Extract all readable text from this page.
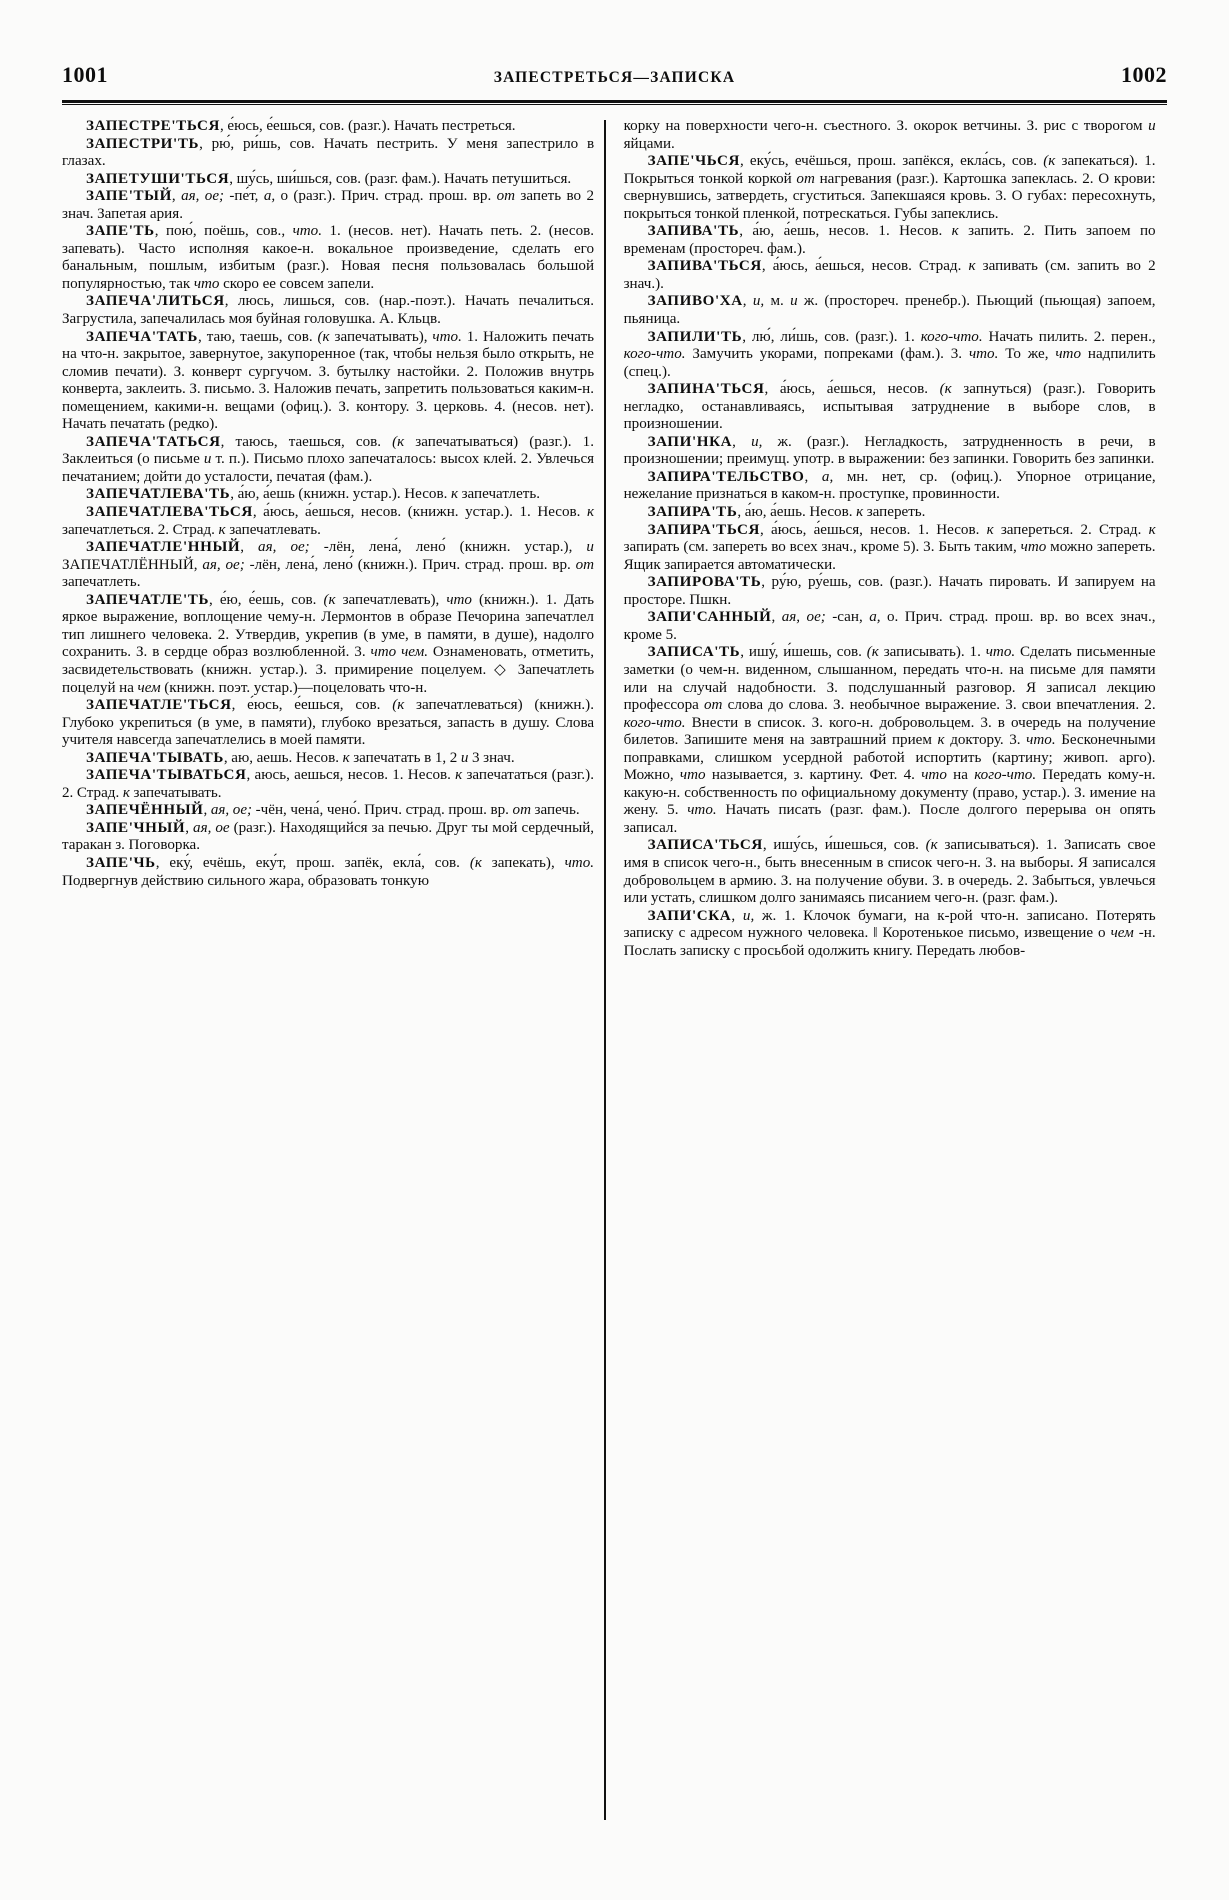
1001	ЗАПЕСТРЕТЬСЯ—ЗАПИСКА	1002

ЗАПЕСТРЕ'ТЬСЯ, е́юсь, е́ешься, сов. (разг.). Начать пестреться.

ЗАПЕСТРИ'ТЬ, рю́, ри́шь, сов. Начать пестрить. У меня запестрило в глазах.

ЗАПЕТУШИ'ТЬСЯ, шу́сь, ши́шься, сов. (разг. фам.). Начать петушиться.

ЗАПЕ'ТЫЙ, ая, ое; -пе́т, а, о (разг.). Прич. страд. прош. вр. от запеть во 2 знач. Запетая ария.

ЗАПЕ'ТЬ, пою́, поёшь, сов., что. 1. (несов. нет). Начать петь. 2. (несов. запевать). Часто исполняя какое-н. вокальное произведение, сделать его банальным, пошлым, избитым (разг.). Новая песня пользовалась большой популярностью, так что скоро ее совсем запели.

ЗАПЕЧА'ЛИТЬСЯ, люсь, лишься, сов. (нар.-поэт.). Начать печалиться. Загрустила, запечалилась моя буйная головушка. А. Кльцв.

ЗАПЕЧА'ТАТЬ, таю, таешь, сов. (к запечатывать), что. 1. Наложить печать на что-н. закрытое, завернутое, закупоренное (так, чтобы нельзя было открыть, не сломив печати). З. конверт сургучом. З. бутылку настойки. 2. Положив внутрь конверта, заклеить. З. письмо. 3. Наложив печать, запретить пользоваться каким-н. помещением, какими-н. вещами (офиц.). З. контору. З. церковь. 4. (несов. нет). Начать печатать (редко).

ЗАПЕЧА'ТАТЬСЯ, таюсь, таешься, сов. (к запечатываться) (разг.). 1. Заклеиться (о письме и т. п.). Письмо плохо запечаталось: высох клей. 2. Увлечься печатанием; дойти до усталости, печатая (фам.).

ЗАПЕЧАТЛЕВА'ТЬ, а́ю, а́ешь (книжн. устар.). Несов. к запечатлеть.

ЗАПЕЧАТЛЕВА'ТЬСЯ, а́юсь, а́ешься, несов. (книжн. устар.). 1. Несов. к запечатлеться. 2. Страд. к запечатлевать.

ЗАПЕЧАТЛЕ'ННЫЙ, ая, ое; -лён, лена́, лено́ (книжн. устар.), и ЗАПЕЧАТЛЁННЫЙ, ая, ое; -лён, лена́, лено́ (книжн.). Прич. страд. прош. вр. от запечатлеть.

ЗАПЕЧАТЛЕ'ТЬ, е́ю, е́ешь, сов. (к запечатлевать), что (книжн.). 1. Дать яркое выражение, воплощение чему-н. Лермонтов в образе Печорина запечатлел тип лишнего человека. 2. Утвердив, укрепив (в уме, в памяти, в душе), надолго сохранить. З. в сердце образ возлюбленной. 3. что чем. Ознаменовать, отметить, засвидетельствовать (книжн. устар.). З. примирение поцелуем. ◇ Запечатлеть поцелуй на чем (книжн. поэт. устар.)—поцеловать что-н.

ЗАПЕЧАТЛЕ'ТЬСЯ, е́юсь, е́ешься, сов. (к запечатлеваться) (книжн.). Глубоко укрепиться (в уме, в памяти), глубоко врезаться, запасть в душу. Слова учителя навсегда запечатлелись в моей памяти.

ЗАПЕЧА'ТЫВАТЬ, аю, аешь. Несов. к запечатать в 1, 2 и 3 знач.

ЗАПЕЧА'ТЫВАТЬСЯ, аюсь, аешься, несов. 1. Несов. к запечататься (разг.). 2. Страд. к запечатывать.

ЗАПЕЧЁННЫЙ, ая, ое; -чён, чена́, чено́. Прич. страд. прош. вр. от запечь.

ЗАПЕ'ЧНЫЙ, ая, ое (разг.). Находящийся за печью. Друг ты мой сердечный, таракан з. Поговорка.

ЗАПЕ'ЧЬ, еку́, ечёшь, еку́т, прош. запёк, екла́, сов. (к запекать), что. Подвергнув действию сильного жара, образовать тонкую

корку на поверхности чего-н. съестного. З. окорок ветчины. З. рис с творогом и яйцами.

ЗАПЕ'ЧЬСЯ, еку́сь, ечёшься, прош. запёкся, екла́сь, сов. (к запекаться). 1. Покрыться тонкой коркой от нагревания (разг.). Картошка запеклась. 2. О крови: свернувшись, затвердеть, сгуститься. Запекшаяся кровь. 3. О губах: пересохнуть, покрыться тонкой пленкой, потрескаться. Губы запеклись.

ЗАПИВА'ТЬ, а́ю, а́ешь, несов. 1. Несов. к запить. 2. Пить запоем по временам (простореч. фам.).

ЗАПИВА'ТЬСЯ, а́юсь, а́ешься, несов. Страд. к запивать (см. запить во 2 знач.).

ЗАПИВО'ХА, и, м. и ж. (простореч. пренебр.). Пьющий (пьющая) запоем, пьяница.

ЗАПИЛИ'ТЬ, лю́, ли́шь, сов. (разг.). 1. кого-что. Начать пилить. 2. перен., кого-что. Замучить укорами, попреками (фам.). 3. что. То же, что надпилить (спец.).

ЗАПИНА'ТЬСЯ, а́юсь, а́ешься, несов. (к запнуться) (разг.). Говорить негладко, останавливаясь, испытывая затруднение в выборе слов, в произношении.

ЗАПИ'НКА, и, ж. (разг.). Негладкость, затрудненность в речи, в произношении; преимущ. употр. в выражении: без запинки. Говорить без запинки.

ЗАПИРА'ТЕЛЬСТВО, а, мн. нет, ср. (офиц.). Упорное отрицание, нежелание признаться в каком-н. проступке, провинности.

ЗАПИРА'ТЬ, а́ю, а́ешь. Несов. к запереть.

ЗАПИРА'ТЬСЯ, а́юсь, а́ешься, несов. 1. Несов. к запереться. 2. Страд. к запирать (см. запереть во всех знач., кроме 5). 3. Быть таким, что можно запереть. Ящик запирается автоматически.

ЗАПИРОВА'ТЬ, ру́ю, ру́ешь, сов. (разг.). Начать пировать. И запируем на просторе. Пшкн.

ЗАПИ'САННЫЙ, ая, ое; -сан, а, о. Прич. страд. прош. вр. во всех знач., кроме 5.

ЗАПИСА'ТЬ, ишу́, и́шешь, сов. (к записывать). 1. что. Сделать письменные заметки (о чем-н. виденном, слышанном, передать что-н. на письме для памяти или на случай надобности. З. подслушанный разговор. Я записал лекцию профессора от слова до слова. З. необычное выражение. З. свои впечатления. 2. кого-что. Внести в список. З. кого-н. добровольцем. 3. в очередь на получение билетов. Запишите меня на завтрашний прием к доктору. 3. что. Бесконечными поправками, слишком усердной работой испортить (картину; живоп. арго). Можно, что называется, з. картину. Фет. 4. что на кого-что. Передать кому-н. какую-н. собственность по официальному документу (право, устар.). З. имение на жену. 5. что. Начать писать (разг. фам.). После долгого перерыва он опять записал.

ЗАПИСА'ТЬСЯ, ишу́сь, и́шешься, сов. (к записываться). 1. Записать свое имя в список чего-н., быть внесенным в список чего-н. З. на выборы. Я записался добровольцем в армию. З. на получение обуви. З. в очередь. 2. Забыться, увлечься или устать, слишком долго занимаясь писанием чего-н. (разг. фам.).

ЗАПИ'СКА, и, ж. 1. Клочок бумаги, на к-рой что-н. записано. Потерять записку с адресом нужного человека. ‖ Коротенькое письмо, извещение о чем -н. Послать записку с просьбой одолжить книгу. Передать любов-
